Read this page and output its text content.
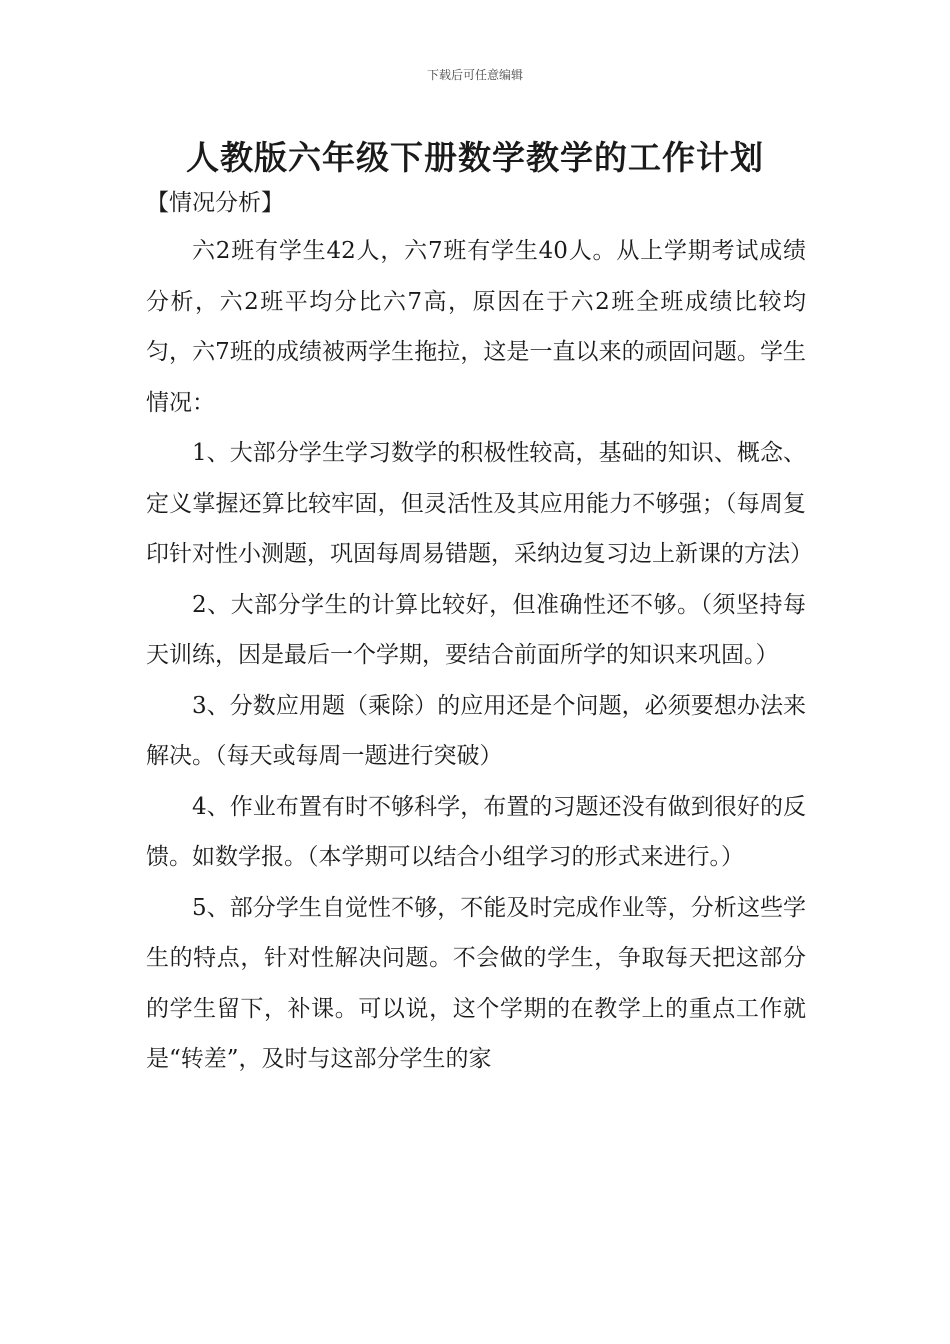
下载后可任意编辑
人教版六年级下册数学教学的工作计划
【情况分析】

六2班有学生42人，六7班有学生40人。从上学期考试成绩分析，六2班平均分比六7高，原因在于六2班全班成绩比较均匀，六7班的成绩被两学生拖拉，这是一直以来的顽固问题。学生情况：

1、大部分学生学习数学的积极性较高，基础的知识、概念、定义掌握还算比较牢固，但灵活性及其应用能力不够强；（每周复印针对性小测题，巩固每周易错题，采纳边复习边上新课的方法）

2、大部分学生的计算比较好，但准确性还不够。（须坚持每天训练，因是最后一个学期，要结合前面所学的知识来巩固。）

3、分数应用题（乘除）的应用还是个问题，必须要想办法来解决。（每天或每周一题进行突破）

4、作业布置有时不够科学，布置的习题还没有做到很好的反馈。如数学报。（本学期可以结合小组学习的形式来进行。）

5、部分学生自觉性不够，不能及时完成作业等，分析这些学生的特点，针对性解决问题。不会做的学生，争取每天把这部分的学生留下，补课。可以说，这个学期的在教学上的重点工作就是“转差”，及时与这部分学生的家
